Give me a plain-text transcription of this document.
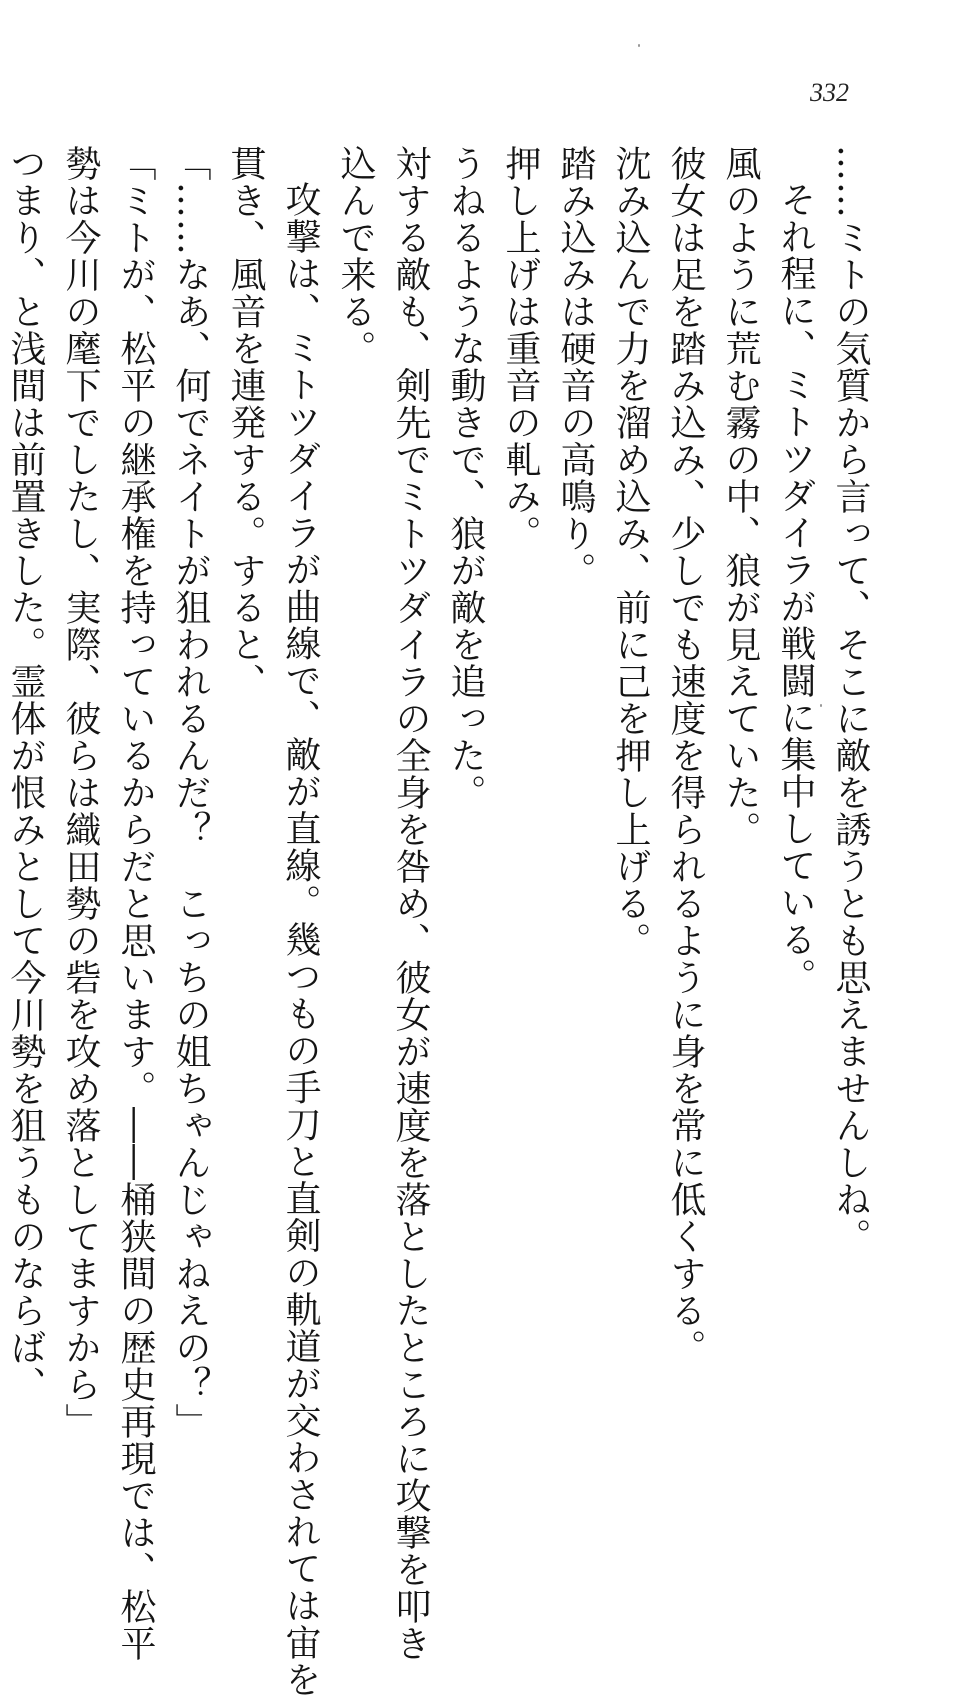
332

……ミトの気質から言って、そこに敵を誘うとも思えませんしね。

それ程に、ミトツダイラが戦闘に集中している。

風のように荒む霧の中、狼が見えていた。

彼女は足を踏み込み、少しでも速度を得られるように身を常に低くする。

沈み込んで力を溜め込み、前に己を押し上げる。

踏み込みは硬音の高鳴り。

押し上げは重音の軋み。

うねるような動きで、狼が敵を追った。

対する敵も、剣先でミトツダイラの全身を咎め、彼女が速度を落としたところに攻撃を叩き

込んで来る。

攻撃は、ミトツダイラが曲線で、敵が直線。幾つもの手刀と直剣の軌道が交わされては宙を

貫き、風音を連発する。すると、

「……なあ、何でネイトが狙われるんだ？　こっちの姐ちゃんじゃねえの？」

「ミトが、松平の継承権を持っているからだと思います。――桶狭間の歴史再現では、松平

勢は今川の麾下でしたし、実際、彼らは織田勢の砦を攻め落としてますから」

つまり、と浅間は前置きした。霊体が恨みとして今川勢を狙うものならば、
